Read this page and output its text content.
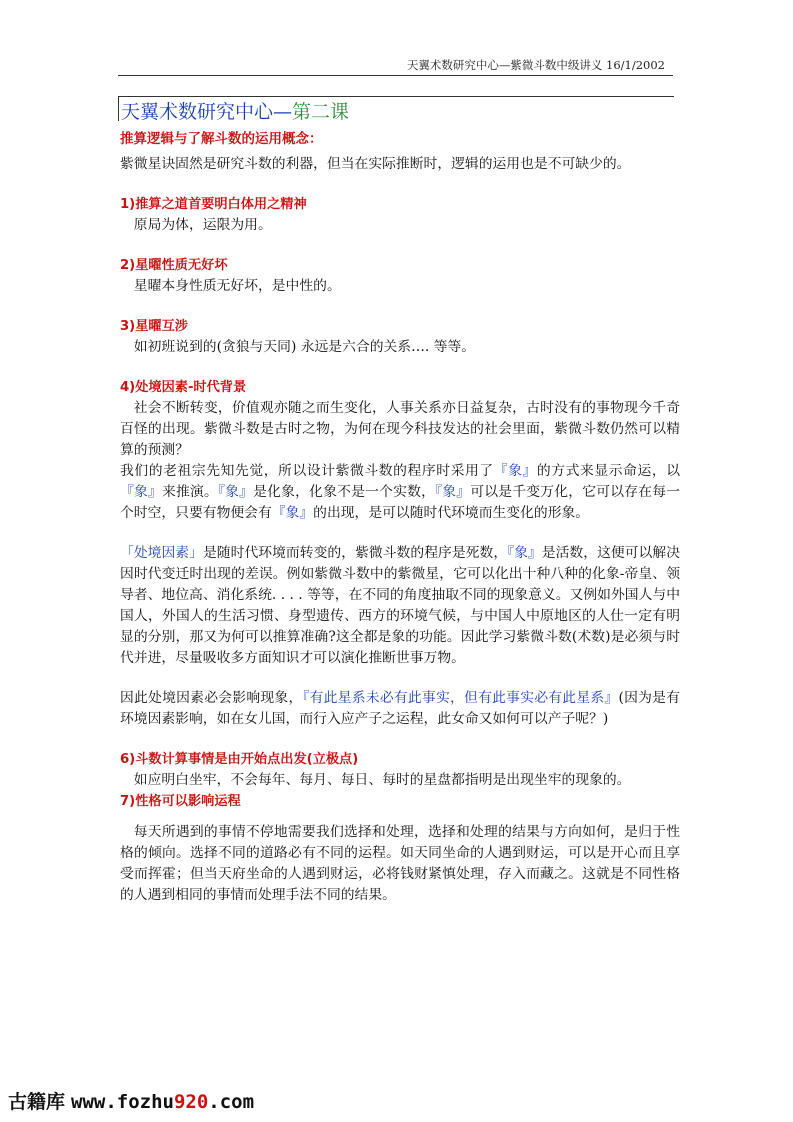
天翼术数研究中心—紫微斗数中级讲义 16/1/2002
天翼术数研究中心—第二课
推算逻辑与了解斗数的运用概念：

紫微星诀固然是研究斗数的利器，但当在实际推断时，逻辑的运用也是不可缺少的。

1)推算之道首要明白体用之精神

原局为体，运限为用。

2)星曜性质无好坏

星曜本身性质无好坏，是中性的。

3)星曜互涉

如初班说到的(贪狼与天同) 永远是六合的关系…. 等等。

4)处境因素-时代背景

社会不断转变，价值观亦随之而生变化，人事关系亦日益复杂，古时没有的事物现今千奇百怪的出现。紫微斗数是古时之物，为何在现今科技发达的社会里面，紫微斗数仍然可以精算的预测？

我们的老祖宗先知先觉，所以设计紫微斗数的程序时采用了『象』的方式来显示命运，以『象』来推演。『象』是化象，化象不是一个实数，『象』可以是千变万化，它可以存在每一个时空，只要有物便会有『象』的出现，是可以随时代环境而生变化的形象。

「处境因素」是随时代环境而转变的，紫微斗数的程序是死数，『象』是活数，这便可以解决因时代变迁时出现的差误。例如紫微斗数中的紫微星，它可以化出十种八种的化象-帝皇、领导者、地位高、消化系统. . . . 等等，在不同的角度抽取不同的现象意义。又例如外国人与中国人，外国人的生活习惯、身型遗传、西方的环境气候，与中国人中原地区的人仕一定有明显的分别，那又为何可以推算准确?这全都是象的功能。因此学习紫微斗数(术数)是必须与时代并进，尽量吸收多方面知识才可以演化推断世事万物。

因此处境因素必会影响现象，『有此星系未必有此事实，但有此事实必有此星系』(因为是有环境因素影响，如在女儿国，而行入应产子之运程，此女命又如何可以产子呢？)

6)斗数计算事情是由开始点出发(立极点)

如应明白坐牢，不会每年、每月、每日、每时的星盘都指明是出现坐牢的现象的。

7)性格可以影响运程

每天所遇到的事情不停地需要我们选择和处理，选择和处理的结果与方向如何，是归于性格的倾向。选择不同的道路必有不同的运程。如天同坐命的人遇到财运，可以是开心而且享受而挥霍；但当天府坐命的人遇到财运，必将钱财紧慎处理，存入而藏之。这就是不同性格的人遇到相同的事情而处理手法不同的结果。

古籍库 www.fozhu920.com
